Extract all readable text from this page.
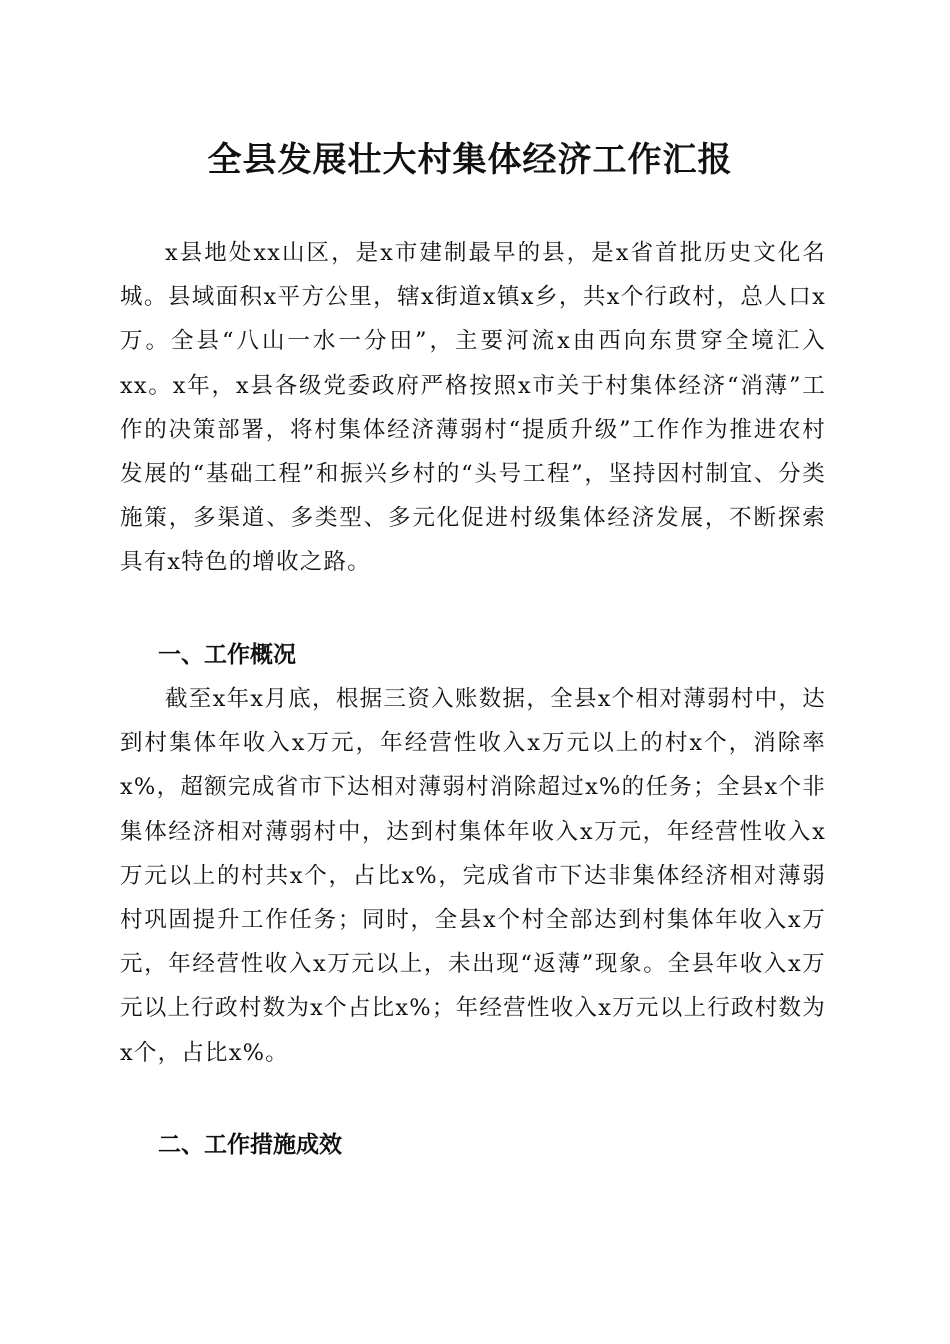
全县发展壮大村集体经济工作汇报

x县地处xx山区，是x市建制最早的县，是x省首批历史文化名城。县域面积x平方公里，辖x街道x镇x乡，共x个行政村，总人口x万。全县“八山一水一分田”，主要河流x由西向东贯穿全境汇入xx。x年，x县各级党委政府严格按照x市关于村集体经济“消薄”工作的决策部署，将村集体经济薄弱村“提质升级”工作作为推进农村发展的“基础工程”和振兴乡村的“头号工程”，坚持因村制宜、分类施策，多渠道、多类型、多元化促进村级集体经济发展，不断探索具有x特色的增收之路。

一、工作概况

截至x年x月底，根据三资入账数据，全县x个相对薄弱村中，达到村集体年收入x万元，年经营性收入x万元以上的村x个，消除率x%，超额完成省市下达相对薄弱村消除超过x%的任务；全县x个非集体经济相对薄弱村中，达到村集体年收入x万元，年经营性收入x万元以上的村共x个，占比x%，完成省市下达非集体经济相对薄弱村巩固提升工作任务；同时，全县x个村全部达到村集体年收入x万元，年经营性收入x万元以上，未出现“返薄”现象。全县年收入x万元以上行政村数为x个占比x%；年经营性收入x万元以上行政村数为x个，占比x%。

二、工作措施成效
